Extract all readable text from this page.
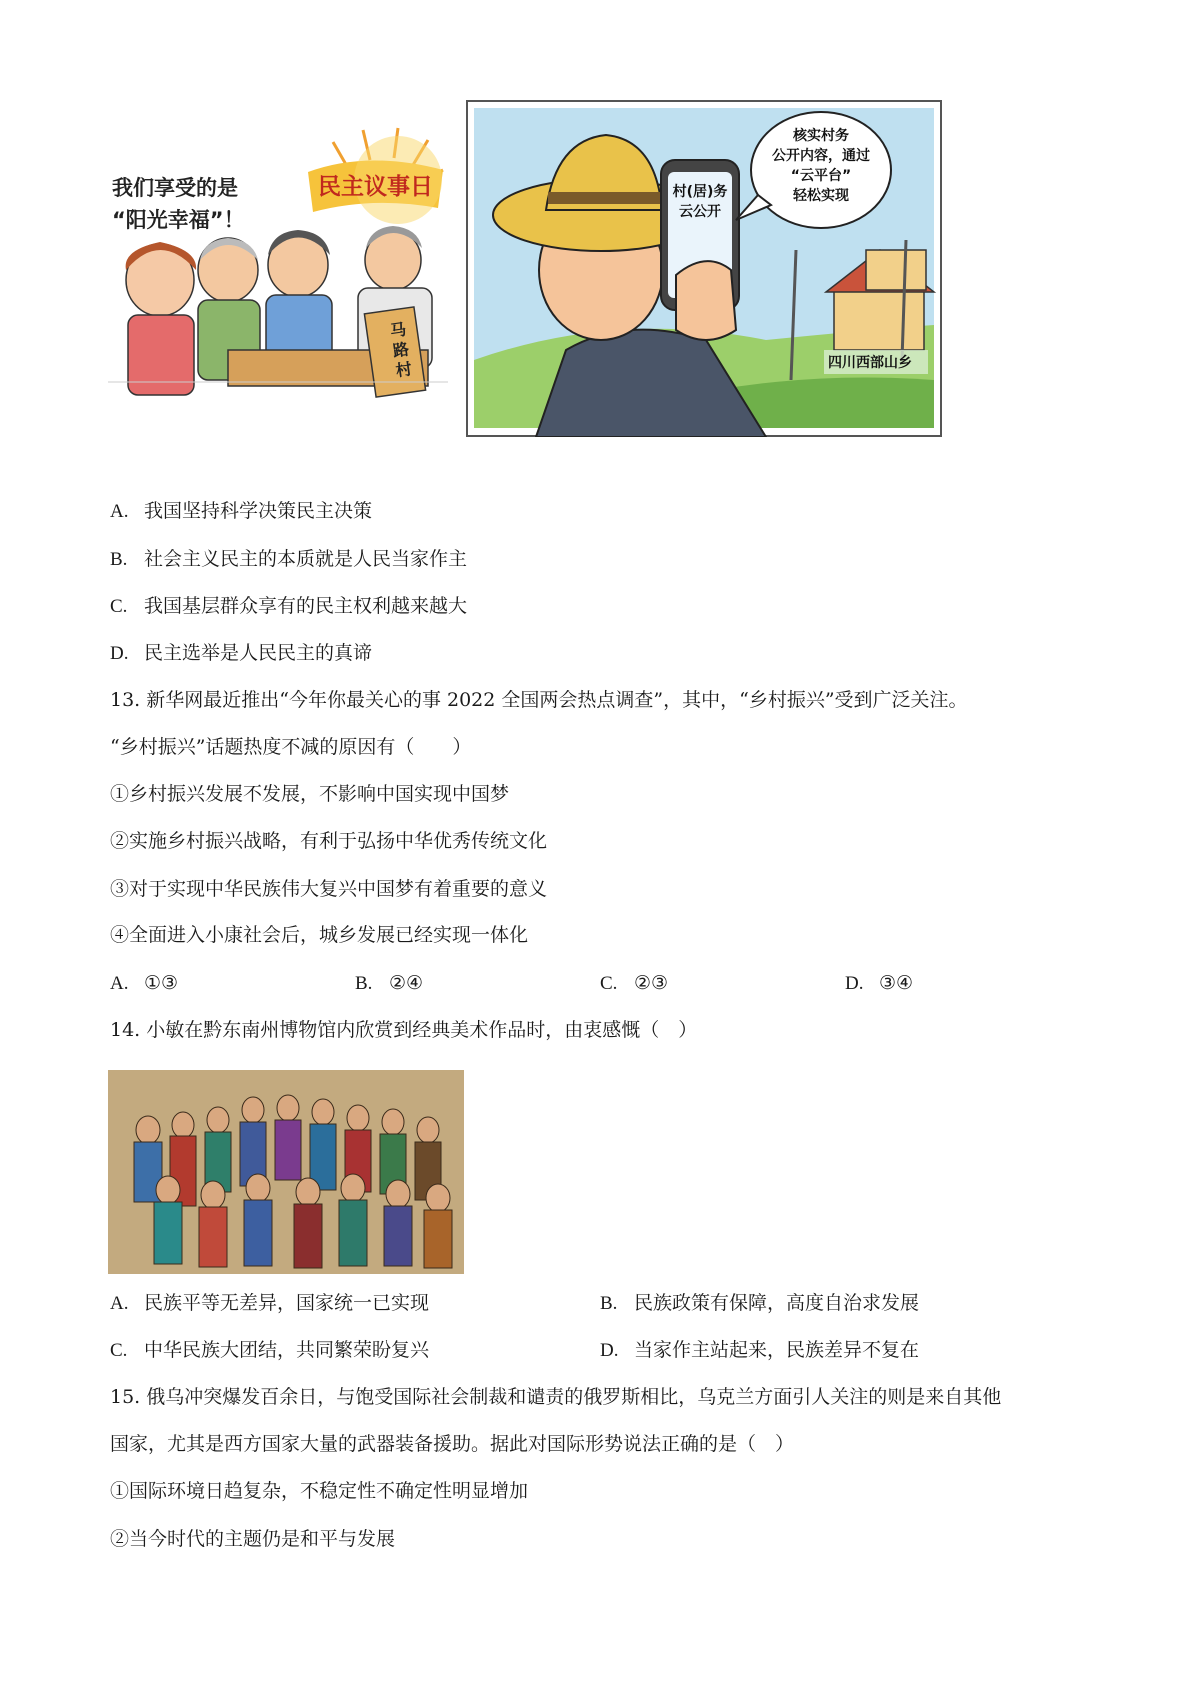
我们享受的是	民主议事日
“阳光幸福”！
马路村
村(居)务
云公开
核实村务
公开内容，通过
“云平台”
轻松实现
四川西部山乡
A. 我国坚持科学决策民主决策
B. 社会主义民主的本质就是人民当家作主
C. 我国基层群众享有的民主权利越来越大
D. 民主选举是人民民主的真谛
13. 新华网最近推出“今年你最关心的事 2022 全国两会热点调查”，其中，“乡村振兴”受到广泛关注。
“乡村振兴”话题热度不减的原因有（　　）
①乡村振兴发展不发展，不影响中国实现中国梦
②实施乡村振兴战略，有利于弘扬中华优秀传统文化
③对于实现中华民族伟大复兴中国梦有着重要的意义
④全面进入小康社会后，城乡发展已经实现一体化
A. ①③	B. ②④	C. ②③	D. ③④
14. 小敏在黔东南州博物馆内欣赏到经典美术作品时，由衷感慨（　）
A. 民族平等无差异，国家统一已实现	B. 民族政策有保障，高度自治求发展
C. 中华民族大团结，共同繁荣盼复兴	D. 当家作主站起来，民族差异不复在
15. 俄乌冲突爆发百余日，与饱受国际社会制裁和谴责的俄罗斯相比，乌克兰方面引人关注的则是来自其他
国家，尤其是西方国家大量的武器装备援助。据此对国际形势说法正确的是（　）
①国际环境日趋复杂，不稳定性不确定性明显增加
②当今时代的主题仍是和平与发展
